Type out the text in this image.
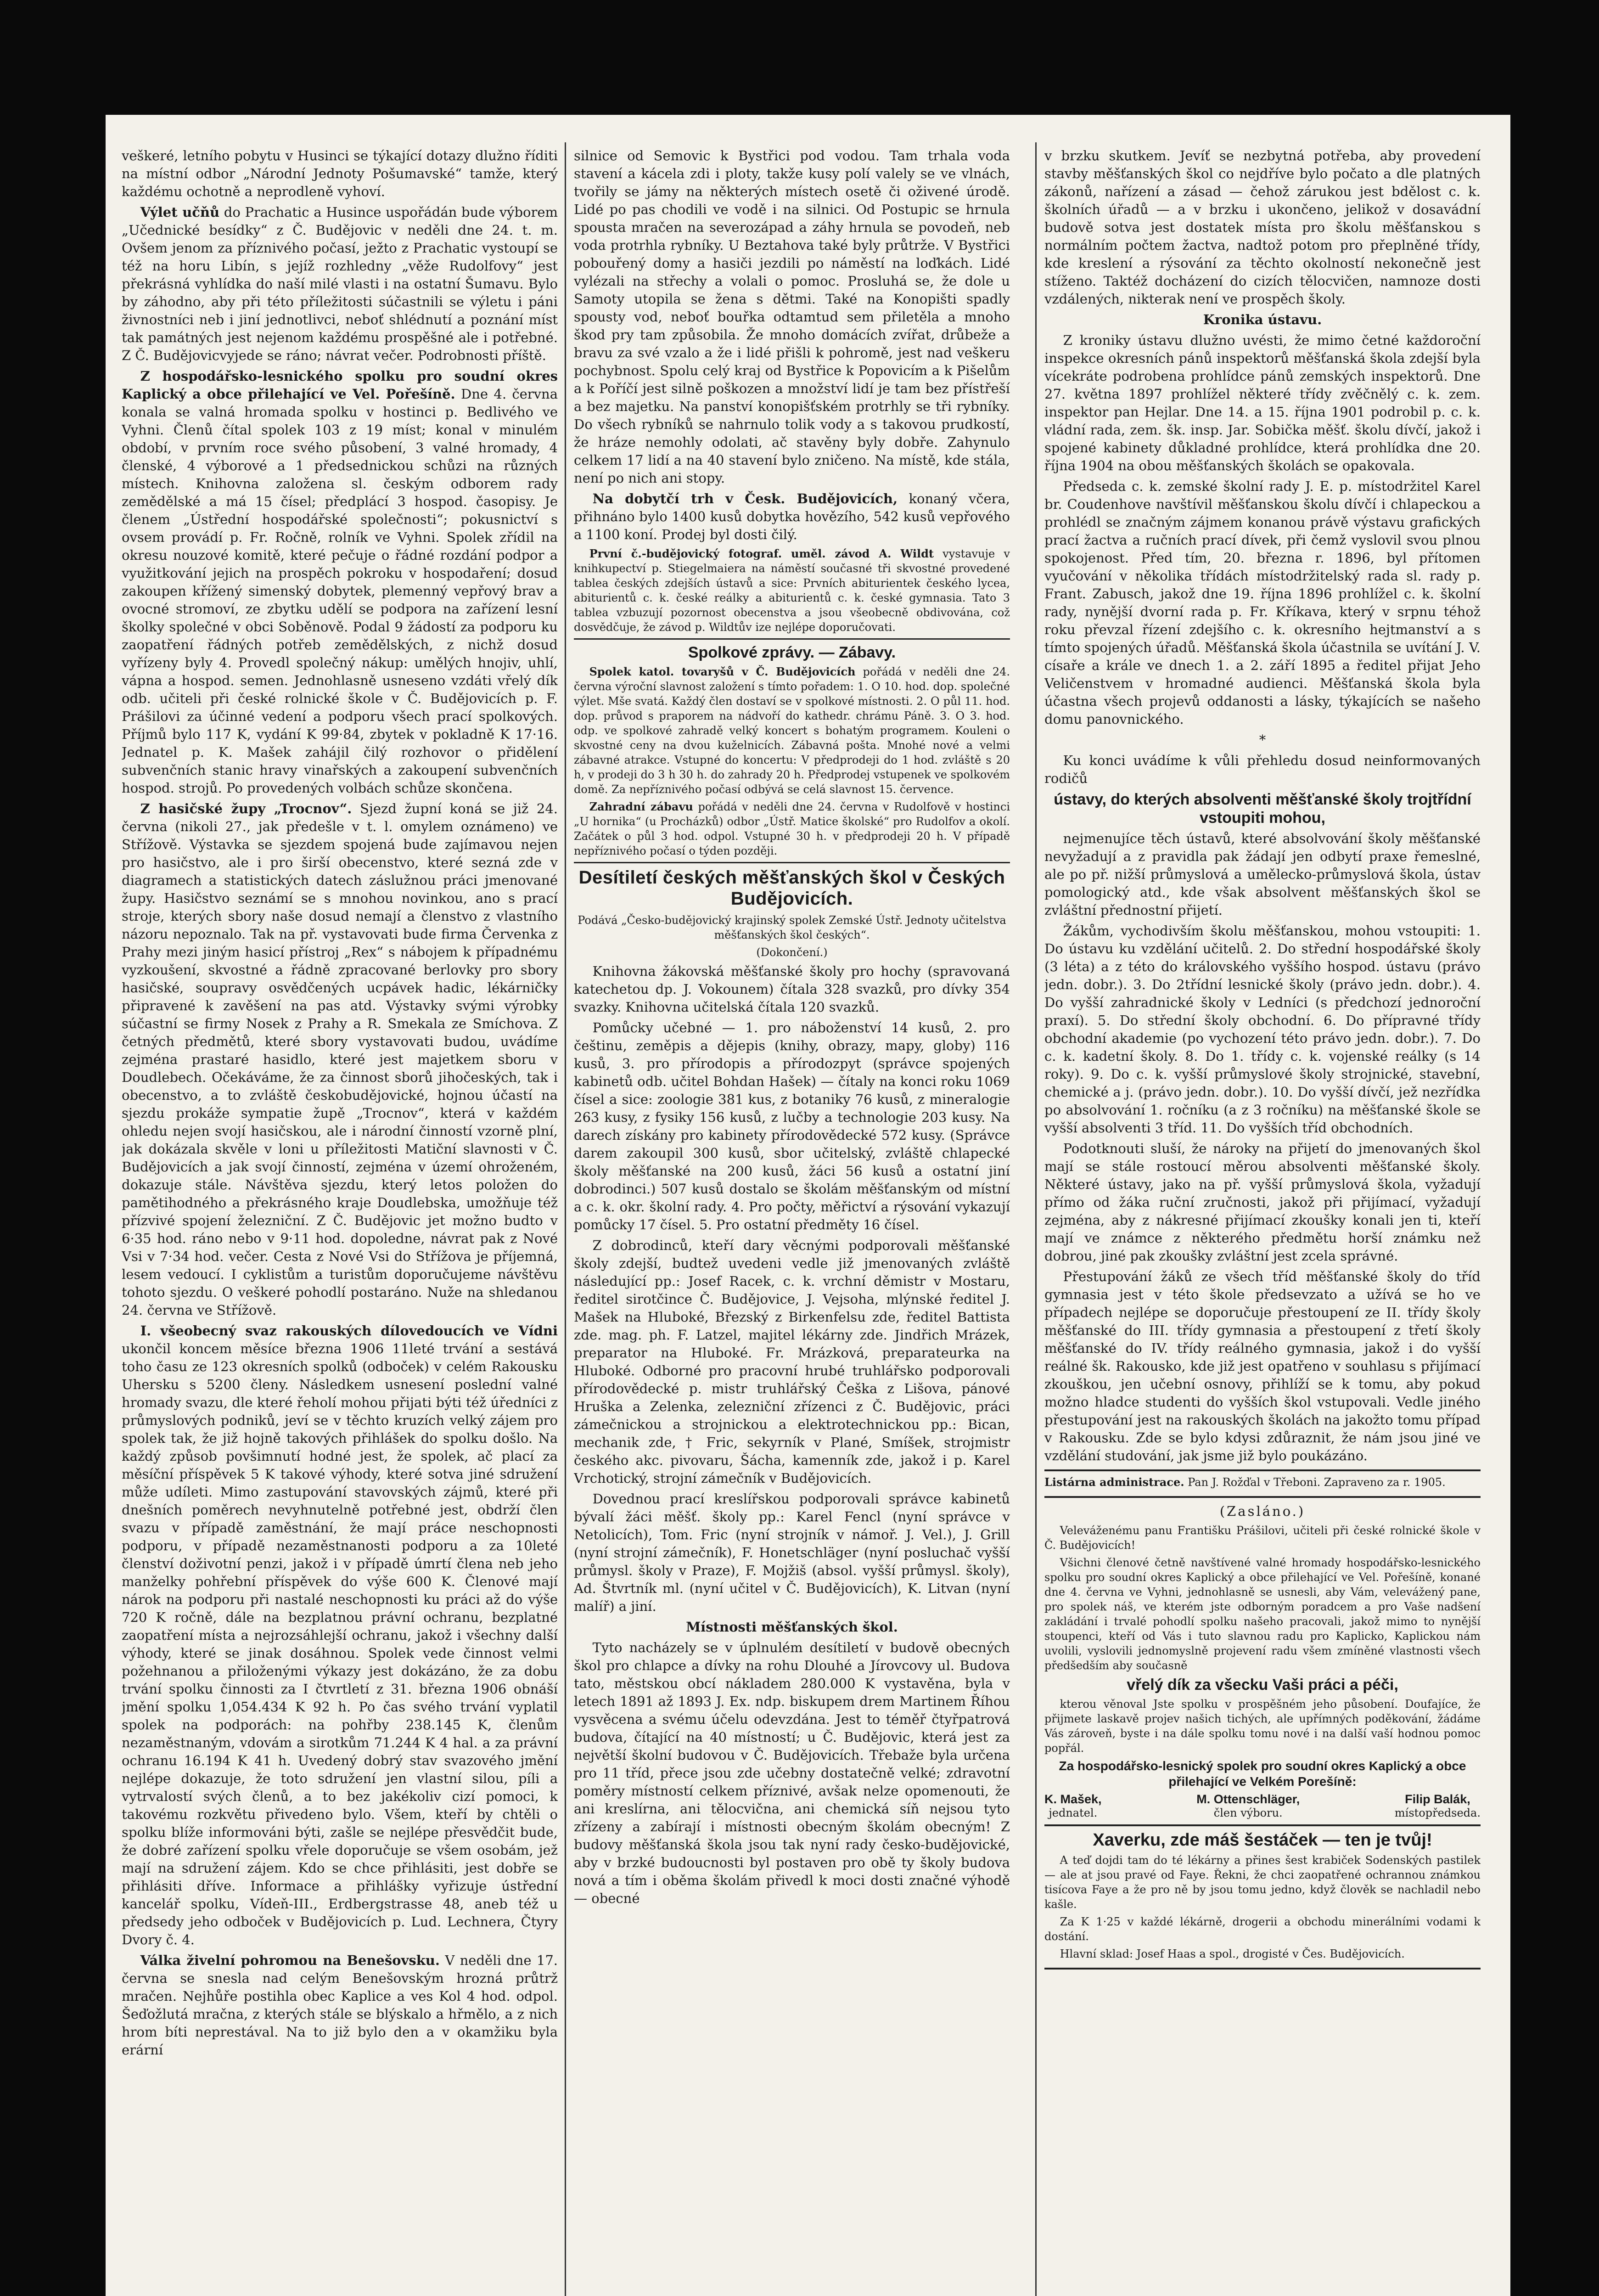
veškeré, letního pobytu v Husinci se týkající dotazy dlužno říditi na místní odbor „Národní Jednoty Pošumavské“ tamže, který každému ochotně a neprodleně vyhoví.

Výlet učňů do Prachatic a Husince uspořádán bude výborem „Učednické besídky“ z Č. Budějovic v neděli dne 24. t. m. Ovšem jenom za příznivého počasí, ježto z Prachatic vystoupí se též na horu Libín, s jejíž rozhledny „věže Rudolfovy“ jest překrásná vyhlídka do naší milé vlasti i na ostatní Šumavu. Bylo by záhodno, aby při této příležitosti súčastnili se výletu i páni živnostníci neb i jiní jednotlivci, neboť shlédnutí a poznání míst tak památných jest nejenom každému prospěšné ale i potřebné. Z Č. Budějovicvyjede se ráno; návrat večer. Podrobnosti příště.

Z hospodářsko-lesnického spolku pro soudní okres Kaplický a obce přilehající ve Vel. Pořešíně. Dne 4. června konala se valná hromada spolku v hostinci p. Bedlivého ve Vyhni. Členů čítal spolek 103 z 19 míst; konal v minulém období, v prvním roce svého působení, 3 valné hromady, 4 členské, 4 výborové a 1 předsednickou schůzi na různých místech. Knihovna založena sl. českým odborem rady zemědělské a má 15 čísel; předplácí 3 hospod. časopisy. Je členem „Ústřední hospodářské společnosti“; pokusnictví s ovsem provádí p. Fr. Ročně, rolník ve Vyhni. Spolek zřídil na okresu nouzové komitě, které pečuje o řádné rozdání podpor a využitkování jejich na prospěch pokroku v hospodaření; dosud zakoupen křížený simenský dobytek, plemenný vepřový brav a ovocné stromoví, ze zbytku udělí se podpora na zařízení lesní školky společné v obci Soběnově. Podal 9 žádostí za podporu ku zaopatření řádných potřeb zemědělských, z nichž dosud vyřízeny byly 4. Provedl společný nákup: umělých hnojiv, uhlí, vápna a hospod. semen. Jednohlasně usneseno vzdáti vřelý dík odb. učiteli při české rolnické škole v Č. Budějovicích p. F. Prášilovi za účinné vedení a podporu všech prací spolkových. Příjmů bylo 117 K, vydání K 99·84, zbytek v pokladně K 17·16. Jednatel p. K. Mašek zahájil čilý rozhovor o přidělení subvenčních stanic hravy vinařských a zakoupení subvenčních hospod. strojů. Po provedených volbách schůze skončena.

Z hasičské župy „Trocnov“. Sjezd župní koná se již 24. června (nikoli 27., jak předešle v t. l. omylem oznámeno) ve Střížově. Výstavka se sjezdem spojená bude zajímavou nejen pro hasičstvo, ale i pro širší obecenstvo, které sezná zde v diagramech a statistických datech záslužnou práci jmenované župy. Hasičstvo seznámí se s mnohou novinkou, ano s prací stroje, kterých sbory naše dosud nemají a členstvo z vlastního názoru nepoznalo. Tak na př. vystavovati bude firma Červenka z Prahy mezi jiným hasicí přístroj „Rex“ s nábojem k případnému vyzkoušení, skvostné a řádně zpracované berlovky pro sbory hasičské, soupravy osvědčených ucpávek hadic, lékárničky připravené k zavěšení na pas atd. Výstavky svými výrobky súčastní se firmy Nosek z Prahy a R. Smekala ze Smíchova. Z četných předmětů, které sbory vystavovati budou, uvádíme zejména prastaré hasidlo, které jest majetkem sboru v Doudlebech. Očekáváme, že za činnost sborů jihočeských, tak i obecenstvo, a to zvláště českobudějovické, hojnou účastí na sjezdu prokáže sympatie župě „Trocnov“, která v každém ohledu nejen svojí hasičskou, ale i národní činností vzorně plní, jak dokázala skvěle v loni u příležitosti Matiční slavnosti v Č. Budějovicích a jak svojí činností, zejména v území ohroženém, dokazuje stále. Návštěva sjezdu, který letos položen do pamětihodného a překrásného kraje Doudlebska, umožňuje též přízvivé spojení železniční. Z Č. Budějovic jet možno budto v 6·35 hod. ráno nebo v 9·11 hod. dopoledne, návrat pak z Nové Vsi v 7·34 hod. večer. Cesta z Nové Vsi do Střížova je příjemná, lesem vedoucí. I cyklistům a turistům doporučujeme návštěvu tohoto sjezdu. O veškeré pohodlí postaráno. Nuže na shledanou 24. června ve Střížově.

I. všeobecný svaz rakouských dílovedoucích ve Vídni ukončil koncem měsíce března 1906 11leté trvání a sestává toho času ze 123 okresních spolků (odboček) v celém Rakousku Uhersku s 5200 členy. Následkem usnesení poslední valné hromady svazu, dle které řeholí mohou přijati býti též úředníci z průmyslových podniků, jeví se v těchto kruzích velký zájem pro spolek tak, že již hojně takových přihlášek do spolku došlo. Na každý způsob povšimnutí hodné jest, že spolek, ač plací za měsíční příspěvek 5 K takové výhody, které sotva jiné sdružení může udíleti. Mimo zastupování stavovských zájmů, které při dnešních poměrech nevyhnutelně potřebné jest, obdrží člen svazu v případě zaměstnání, že mají práce neschopnosti podporu, v případě nezaměstnanosti podporu a za 10leté členství doživotní penzi, jakož i v případě úmrtí člena neb jeho manželky pohřební příspěvek do výše 600 K. Členové mají nárok na podporu při nastalé neschopnosti ku práci až do výše 720 K ročně, dále na bezplatnou právní ochranu, bezplatné zaopatření místa a nejrozsáhlejší ochranu, jakož i všechny další výhody, které se jinak dosáhnou. Spolek vede činnost velmi požehnanou a přiloženými výkazy jest dokázáno, že za dobu trvání spolku činnosti za I čtvrtletí z 31. března 1906 obnáší jmění spolku 1,054.434 K 92 h. Po čas svého trvání vyplatil spolek na podporách: na pohřby 238.145 K, členům nezaměstnaným, vdovám a sirotkům 71.244 K 4 hal. a za právní ochranu 16.194 K 41 h. Uvedený dobrý stav svazového jmění nejlépe dokazuje, že toto sdružení jen vlastní silou, píli a vytrvalostí svých členů, a to bez jakékoliv cizí pomoci, k takovému rozkvětu přivedeno bylo. Všem, kteří by chtěli o spolku blíže informováni býti, zašle se nejlépe přesvědčit bude, že dobré zařízení spolku vřele doporučuje se všem osobám, jež mají na sdružení zájem. Kdo se chce přihlásiti, jest dobře se přihlásiti dříve. Informace a přihlášky vyřizuje ústřední kancelář spolku, Vídeň-III., Erdbergstrasse 48, aneb též u předsedy jeho odboček v Budějovicích p. Lud. Lechnera, Čtyry Dvory č. 4.

Válka živelní pohromou na Benešovsku. V neděli dne 17. června se snesla nad celým Benešovským hrozná průtrž mračen. Nejhůře postihla obec Kaplice a ves Kol 4 hod. odpol. Šeďožlutá mračna, z kterých stále se blýskalo a hřmělo, a z nich hrom bíti neprestával. Na to již bylo den a v okamžiku byla erární

silnice od Semovic k Bystřici pod vodou. Tam trhala voda stavení a kácela zdi i ploty, takže kusy polí valely se ve vlnách, tvořily se jámy na některých místech osetě či oživené úrodě. Lidé po pas chodili ve vodě i na silnici. Od Postupic se hrnula spousta mračen na severozápad a záhy hrnula se povodeň, neb voda protrhla rybníky. U Beztahova také byly průtrže. V Bystřici pobouřený domy a hasiči jezdili po náměstí na loďkách. Lidé vylézali na střechy a volali o pomoc. Prosluhá se, že dole u Samoty utopila se žena s dětmi. Také na Konopišti spadly spousty vod, neboť bouřka odtamtud sem přiletěla a mnoho škod pry tam způsobila. Že mnoho domácích zvířat, drůbeže a bravu za své vzalo a že i lidé přišli k pohromě, jest nad veškeru pochybnost. Spolu celý kraj od Bystřice k Popovicím a k Pišelům a k Poříčí jest silně poškozen a množství lidí je tam bez přístřeší a bez majetku. Na panství konopišťském protrhly se tři rybníky. Do všech rybníků se nahrnulo tolik vody a s takovou prudkostí, že hráze nemohly odolati, ač stavěny byly dobře. Zahynulo celkem 17 lidí a na 40 stavení bylo zničeno. Na místě, kde stála, není po nich ani stopy.

Na dobytčí trh v Česk. Budějovicích, konaný včera, přihnáno bylo 1400 kusů dobytka hovězího, 542 kusů vepřového a 1100 koní. Prodej byl dosti čilý.

První č.-budějovický fotograf. uměl. závod A. Wildt vystavuje v knihkupectví p. Stiegelmaiera na náměstí současné tři skvostné provedené tablea českých zdejších ústavů a sice: Prvních abiturientek českého lycea, abiturientů c. k. české reálky a abiturientů c. k. české gymnasia. Tato 3 tablea vzbuzují pozornost obecenstva a jsou všeobecně obdivována, což dosvědčuje, že závod p. Wildtův ize nejlépe doporučovati.

Spolkové zprávy. — Zábavy.

Spolek katol. tovaryšů v Č. Budějovicích pořádá v neděli dne 24. června výroční slavnost založení s tímto pořadem: 1. O 10. hod. dop. společné výlet. Mše svatá. Každý člen dostaví se v spolkové místnosti. 2. O půl 11. hod. dop. průvod s praporem na nádvoří do kathedr. chrámu Páně. 3. O 3. hod. odp. ve spolkové zahradě velký koncert s bohatým programem. Kouleni o skvostné ceny na dvou kuželnicích. Zábavná pošta. Mnohé nové a velmi zábavné atrakce. Vstupné do koncertu: V předprodeji do 1 hod. zvláště s 20 h, v prodeji do 3 h 30 h. do zahrady 20 h. Předprodej vstupenek ve spolkovém domě. Za nepříznivého počasí odbývá se celá slavnost 15. července.

Zahradní zábavu pořádá v neděli dne 24. června v Rudolfově v hostinci „U hornika“ (u Procházků) odbor „Ústř. Matice školské“ pro Rudolfov a okolí. Začátek o půl 3 hod. odpol. Vstupné 30 h. v předprodeji 20 h. V případě nepříznivého počasí o týden později.

Desítiletí českých měšťanských škol v Českých Budějovicích.

Podává „Česko-budějovický krajinský spolek Zemské Ústř. Jednoty učitelstva měšťanských škol českých“.

(Dokončení.)

Knihovna žákovská měšťanské školy pro hochy (spravovaná katechetou dp. J. Vokounem) čítala 328 svazků, pro dívky 354 svazky. Knihovna učitelská čítala 120 svazků.

Pomůcky učebné — 1. pro náboženství 14 kusů, 2. pro češtinu, zeměpis a dějepis (knihy, obrazy, mapy, globy) 116 kusů, 3. pro přírodopis a přírodozpyt (správce spojených kabinetů odb. učitel Bohdan Hašek) — čítaly na konci roku 1069 čísel a sice: zoologie 381 kus, z botaniky 76 kusů, z mineralogie 263 kusy, z fysiky 156 kusů, z lučby a technologie 203 kusy. Na darech získány pro kabinety přírodovědecké 572 kusy. (Správce darem zakoupil 300 kusů, sbor učitelský, zvláště chlapecké školy měšťanské na 200 kusů, žáci 56 kusů a ostatní jiní dobrodinci.) 507 kusů dostalo se školám měšťanským od místní a c. k. okr. školní rady. 4. Pro počty, měřictví a rýsování vykazují pomůcky 17 čísel. 5. Pro ostatní předměty 16 čísel.

Z dobrodinců, kteří dary věcnými podporovali měšťanské školy zdejší, budtež uvedeni vedle již jmenovaných zvláště následující pp.: Josef Racek, c. k. vrchní děmistr v Mostaru, ředitel sirotčince Č. Budějovice, J. Vejsoha, mlýnské ředitel J. Mašek na Hluboké, Březský z Birkenfelsu zde, ředitel Battista zde. mag. ph. F. Latzel, majitel lékárny zde. Jindřich Mrázek, preparator na Hluboké. Fr. Mrázková, preparateurka na Hluboké. Odborné pro pracovní hrubé truhlářsko podporovali přírodovědecké p. mistr truhlářský Češka z Lišova, pánové Hruška a Zelenka, zelezniční zřízenci z Č. Budějovic, práci zámečnickou a strojnickou a elektrotechnickou pp.: Bican, mechanik zde, † Fric, sekyrník v Plané, Smíšek, strojmistr českého akc. pivovaru, Šácha, kamenník zde, jakož i p. Karel Vrchotický, strojní zámečník v Budějovicích.

Dovednou prací kreslířskou podporovali správce kabinetů bývalí žáci měšť. školy pp.: Karel Fencl (nyní správce v Netolicích), Tom. Fric (nyní strojník v námoř. J. Vel.), J. Grill (nyní strojní zámečník), F. Honetschläger (nyní posluchač vyšší průmysl. školy v Praze), F. Mojžiš (absol. vyšší průmysl. školy), Ad. Štvrtník ml. (nyní učitel v Č. Budějovicích), K. Litvan (nyní malíř) a jiní.

Místnosti měšťanských škol.

Tyto nacházely se v úplnulém desítiletí v budově obecných škol pro chlapce a dívky na rohu Dlouhé a Jírovcovy ul. Budova tato, městskou obcí nákladem 280.000 K vystavěna, byla v letech 1891 až 1893 J. Ex. ndp. biskupem drem Martinem Říhou vysvěcena a svému účelu odevzdána. Jest to téměř čtyřpatrová budova, čítající na 40 místností; u Č. Budějovic, která jest za největší školní budovou v Č. Budějovicích. Třebaže byla určena pro 11 tříd, přece jsou zde učebny dostatečně velké; zdravotní poměry místností celkem příznivé, avšak nelze opomenouti, že ani kreslírna, ani tělocvična, ani chemická síň nejsou tyto zřízeny a zabírají i místnosti obecným školám obecným! Z budovy měšťanská škola jsou tak nyní rady česko-budějovické, aby v brzké budoucnosti byl postaven pro obě ty školy budova nová a tím i oběma školám přivedl k moci dosti značné výhodě — obecné

v brzku skutkem. Jevíť se nezbytná potřeba, aby provedení stavby měšťanských škol co nejdříve bylo počato a dle platných zákonů, nařízení a zásad — čehož zárukou jest bdělost c. k. školních úřadů — a v brzku i ukončeno, jelikož v dosavádní budově sotva jest dostatek místa pro školu měšťanskou s normálním počtem žactva, nadtož potom pro přeplněné třídy, kde kreslení a rýsování za těchto okolností nekonečně jest stíženo. Taktéž docházení do cizích tělocvičen, namnoze dosti vzdálených, nikterak není ve prospěch školy.

Kronika ústavu.

Z kroniky ústavu dlužno uvésti, že mimo četné každoroční inspekce okresních pánů inspektorů měšťanská škola zdejší byla vícekráte podrobena prohlídce pánů zemských inspektorů. Dne 27. května 1897 prohlížel některé třídy zvěčnělý c. k. zem. inspektor pan Hejlar. Dne 14. a 15. října 1901 podrobil p. c. k. vládní rada, zem. šk. insp. Jar. Sobička měšť. školu dívčí, jakož i spojené kabinety důkladné prohlídce, která prohlídka dne 20. října 1904 na obou měšťanských školách se opakovala.

Předseda c. k. zemské školní rady J. E. p. místodržitel Karel br. Coudenhove navštívil měšťanskou školu dívčí i chlapeckou a prohlédl se značným zájmem konanou právě výstavu grafických prací žactva a ručních prací dívek, při čemž vyslovil svou plnou spokojenost. Před tím, 20. března r. 1896, byl přítomen vyučování v několika třídách místodržitelský rada sl. rady p. Frant. Zabusch, jakož dne 19. října 1896 prohlížel c. k. školní rady, nynější dvorní rada p. Fr. Kříkava, který v srpnu téhož roku převzal řízení zdejšího c. k. okresního hejtmanství a s tímto spojených úřadů. Měšťanská škola účastnila se uvítání J. V. císaře a krále ve dnech 1. a 2. září 1895 a ředitel přijat Jeho Veličenstvem v hromadné audienci. Měšťanská škola byla účastna všech projevů oddanosti a lásky, týkajících se našeho domu panovnického.

*

Ku konci uvádíme k vůli přehledu dosud neinformovaných rodičů

ústavy, do kterých absolventi měšťanské školy trojtřídní vstoupiti mohou,

nejmenujíce těch ústavů, které absolvování školy měšťanské nevyžadují a z pravidla pak žádají jen odbytí praxe řemeslné, ale po př. nižší průmyslová a umělecko-průmyslová škola, ústav pomologický atd., kde však absolvent měšťanských škol se zvláštní přednostní přijetí.

Žákům, vychodivším školu měšťanskou, mohou vstoupiti: 1. Do ústavu ku vzdělání učitelů. 2. Do střední hospodářské školy (3 léta) a z této do královského vyššího hospod. ústavu (právo jedn. dobr.). 3. Do 2třídní lesnické školy (právo jedn. dobr.). 4. Do vyšší zahradnické školy v Ledníci (s předchozí jednoroční praxí). 5. Do střední školy obchodní. 6. Do přípravné třídy obchodní akademie (po vychození této právo jedn. dobr.). 7. Do c. k. kadetní školy. 8. Do 1. třídy c. k. vojenské reálky (s 14 roky). 9. Do c. k. vyšší průmyslové školy strojnické, stavební, chemické a j. (právo jedn. dobr.). 10. Do vyšší dívčí, jež nezřídka po absolvování 1. ročníku (a z 3 ročníku) na měšťanské škole se vyšší absolventi 3 tříd. 11. Do vyšších tříd obchodních.

Podotknouti sluší, že nároky na přijetí do jmenovaných škol mají se stále rostoucí měrou absolventi měšťanské školy. Některé ústavy, jako na př. vyšší průmyslová škola, vyžadují přímo od žáka ruční zručnosti, jakož při přijímací, vyžadují zejména, aby z nákresné přijímací zkoušky konali jen ti, kteří mají ve známce z některého předmětu horší známku než dobrou, jiné pak zkoušky zvláštní jest zcela správné.

Přestupování žáků ze všech tříd měšťanské školy do tříd gymnasia jest v této škole předsevzato a užívá se ho ve případech nejlépe se doporučuje přestoupení ze II. třídy školy měšťanské do III. třídy gymnasia a přestoupení z třetí školy měšťanské do IV. třídy reálného gymnasia, jakož i do vyšší reálné šk. Rakousko, kde již jest opatřeno v souhlasu s přijímací zkouškou, jen učební osnovy, přihlíží se k tomu, aby pokud možno hladce studenti do vyšších škol vstupovali. Vedle jiného přestupování jest na rakouských školách na jakožto tomu případ v Rakousku. Zde se bylo kdysi zdůraznit, že nám jsou jiné ve vzdělání studování, jak jsme již bylo poukázáno.

Listárna administrace. Pan J. Rožďal v Třeboni. Zapraveno za r. 1905.

(Zasláno.)

Veleváženému panu Františku Prášilovi, učiteli při české rolnické škole v Č. Budějovicích!

Všichni členové četně navštívené valné hromady hospodářsko-lesnického spolku pro soudní okres Kaplický a obce přilehající ve Vel. Pořešíně, konané dne 4. června ve Vyhni, jednohlasně se usnesli, aby Vám, velevážený pane, pro spolek náš, ve kterém jste odborným poradcem a pro Vaše nadšení zakládání i trvalé pohodlí spolku našeho pracovali, jakož mimo to nynější stoupenci, kteří od Vás i tuto slavnou radu pro Kaplicko, Kaplickou nám uvolili, vyslovili jednomyslně projevení radu všem zmíněné vlastnosti všech předšedším aby současně

vřelý dík za všecku Vaši práci a péči,

kterou věnoval Jste spolku v prospěšném jeho působení. Doufajíce, že přijmete laskavě projev našich tichých, ale upřímných poděkování, žádáme Vás zároveň, byste i na dále spolku tomu nové i na další vaší hodnou pomoc popřál.

Za hospodářsko-lesnický spolek pro soudní okres Kaplický a obce přilehající ve Velkém Porešíně:

K. Mašek,
jednatel.
M. Ottenschläger,
člen výboru.
Filip Balák,
místopředseda.

Xaverku, zde máš šestáček — ten je tvůj!

A teď dojdi tam do té lékárny a přines šest krabiček Sodenských pastilek — ale at jsou pravé od Faye. Řekni, že chci zaopatřené ochrannou známkou tisícova Faye a že pro ně by jsou tomu jedno, když člověk se nachladil nebo kašle.

Za K 1·25 v každé lékárně, drogerii a obchodu minerálními vodami k dostání.

Hlavní sklad: Josef Haas a spol., drogisté v Čes. Budějovicích.
